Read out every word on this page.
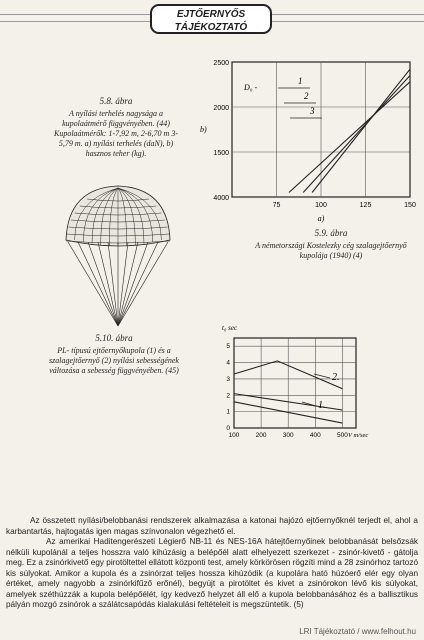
EJTŐERNYŐS
TÁJÉKOZTATÓ
5.8. ábra
A nyílási terhelés nagysága a kupolaátmérő függvényében. (44) Kupolaátmérők: 1-7,92 m, 2-6,70 m 3-5,79 m. a) nyílási terhelés (daN), b) hasznos teher (kg).
75	100	125	150
2500
2000
1500
4000
b)
a)
D₀ -
1
2
3
5.9. ábra
A németországi Kostelezky cég szalagejtőernyő kupolája (1940) (4)
5.10. ábra
PL- típusú ejtőernyőkupola (1) és a szalagejtőernyő (2) nyílási sebességének változása a sebesség függvényében. (45)
100	200	300	400	500
0
1
2
3
4
5
t₀ sec
V m/sec
2.
1.

Az összetett nyílási/belobbanási rendszerek alkalmazása a katonai hajózó ejtőernyőknél terjedt el, ahol a karbantartás, hajtogatás igen magas színvonalon végezhető el.

Az amerikai Haditengerészeti Légierő NB-11 és NES-16A hátejtőernyőinek belobbanását belsőzsák nélküli kupolánál a teljes hosszra való kihúzásig a belépőél alatt elhelyezett szerkezet - zsinór-kivető - gátolja meg. Ez a zsinórkivető egy pirotöltettel ellátott központi test, amely körkörösen rögzíti mind a 28 zsinórhoz tartozó kis súlyokat. Amikor a kupola és a zsinórzat teljes hossza kihúzódik (a kupolára ható húzóerő elér egy olyan értéket, amely nagyobb a zsinórkifűző erőnél), begyújt a pirotöltet és kivet a zsinórokon lévő kis súlyokat, amelyek széthúzzák a kupola belépőélét, így kedvező helyzet áll elő a kupola belobbanásához és a ballisztikus pályán mozgó zsinórok a szálátcsapódás kialakulási feltételeit is megszüntetik. (5)

LRI Tájékoztató / www.felhout.hu
